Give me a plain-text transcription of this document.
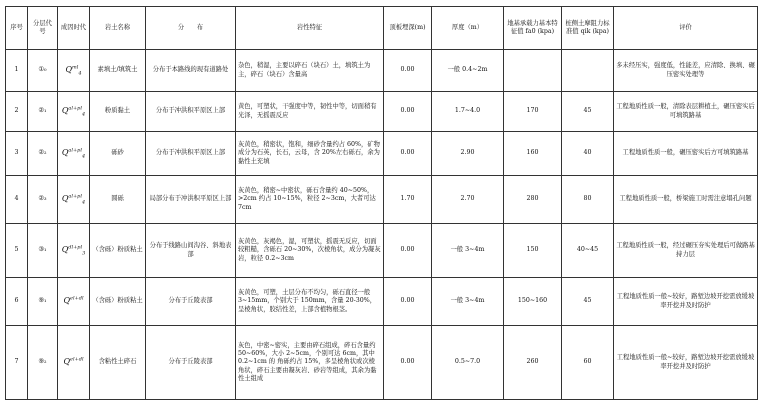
序号	分层代号	成因时代	岩土名称	分　　布	岩性特征	顶板埋深(m)	厚度（m）	地基承载力基本特征值 fa0 (kpa)	桩侧土摩阻力标准值 qik (kpa)	评价
1	①₀	$Q^{ml}_4$	素填土/填筑土	分布于本路线的现有道路处	杂色，稍湿，主要以碎石（块石）土，填筑土为主，碎石（块石）含量高	0.00	一般 0.4~2m			多未经压实，强度低，性能差，应清除、换填、碾压密实处理等
2	②₁	$Q^{al+pl}_4$	粉质黏土	分布于冲洪积平原区上部	黄色，可塑状，干强度中等，韧性中等，切面稍有光泽，无摇震反应	0.00	1.7~4.0	170	45	工程地质性质一般，清除表层耕植土，碾压密实后可填筑路基
3	②₂	$Q^{al+pl}_4$	砾砂	分布于冲洪积平原区上部	灰黄色，稍密状，饱和，细砂含量约占 60%，矿物成分为石英，长石，云母，含 20%左右砾石，余为黏性土充填	0.00	2.90	160	40	工程地质性质一般，碾压密实后方可填筑路基
4	②₃	$Q^{al+pl}_4$	圆砾	局部分布于冲洪积平原区上部	灰黄色，稍密~中密状，砾石含量约 40~50%，>2cm 约占 10~15%，粒径 2~3cm，大者可达 7cm	1.70	2.70	280	80	工程地质性质一般，桥梁施工时需注意塌孔问题
5	③₁	$Q^{dl+pl}_3$	（含砾）粉质粘土	分布于线路山间沟谷、斜地表部	灰黄色，灰褐色，湿，可塑状，摇震无反应，切面较粗糙，含砾石 20~30%，次棱角状，成分为凝灰岩，粒径 0.2~3cm	0.00	一般 3~4m	150	40~45	工程地质性质一般，经过碾压夯实处理后可做路基持力层
6	⑨₁	$Q^{el+dl}$	（含砾）粉质粘土	分布于丘陵表部	灰黄色，可塑，土层分布不均匀，砾石直径一般 3~15mm，个别大于 150mm，含量 20-30%，呈棱角状，胶结性差，上部含植物根茎。	0.00	一般 3~4m	150~160	45	工程地质性质一般~较好，路堑边坡开挖需放缓坡率开挖并及时防护
7	⑨₂	$Q^{el+dl}$	含粘性土碎石	分布于丘陵表部	灰色，中密~密实，主要由碎石组成，碎石含量约 50~60%，大小 2~5cm，个别可达 6cm，其中 0.2~1cm 的 角砾约占 15%，多呈棱角状或次棱角状，碎石主要由凝灰岩、砂岩等组成，其余为黏性土组成	0.00	0.5~7.0	260	60	工程地质性质一般~较好，路堑边坡开挖需放缓坡率开挖并及时防护
